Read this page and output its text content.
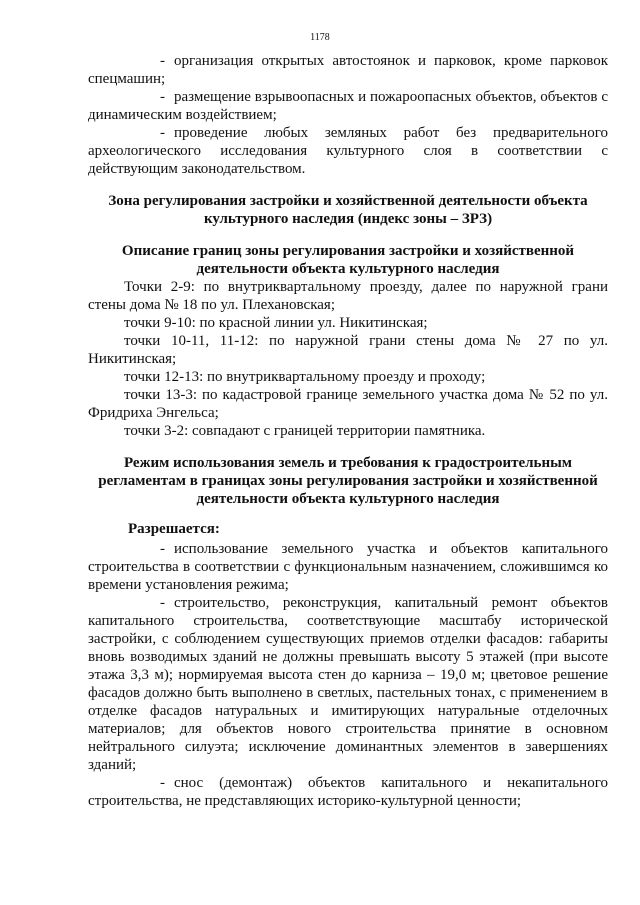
1178

- организация открытых автостоянок и парковок, кроме парковок спецмашин;

- размещение взрывоопасных и пожароопасных объектов, объектов с динамическим воздействием;

- проведение любых земляных работ без предварительного археологического исследования культурного слоя в соответствии с действующим законодательством.

Зона регулирования застройки и хозяйственной деятельности объекта культурного наследия (индекс зоны – ЗРЗ)

Описание границ зоны регулирования застройки и хозяйственной деятельности объекта культурного наследия

Точки 2-9: по внутриквартальному проезду, далее по наружной грани стены дома № 18 по ул. Плехановская;

точки 9-10: по красной линии ул. Никитинская;

точки 10-11, 11-12: по наружной грани стены дома № 27 по ул. Никитинская;

точки 12-13: по внутриквартальному проезду и проходу;

точки 13-3: по кадастровой границе земельного участка дома № 52 по ул. Фридриха Энгельса;

точки 3-2: совпадают с границей территории памятника.

Режим использования земель и требования к градостроительным регламентам в границах зоны регулирования застройки и хозяйственной деятельности объекта культурного наследия

Разрешается:

- использование земельного участка и объектов капитального строительства в соответствии с функциональным назначением, сложившимся ко времени установления режима;

- строительство, реконструкция, капитальный ремонт объектов капитального строительства, соответствующие масштабу исторической застройки, с соблюдением существующих приемов отделки фасадов: габариты вновь возводимых зданий не должны превышать высоту 5 этажей (при высоте этажа 3,3 м); нормируемая высота стен до карниза – 19,0 м; цветовое решение фасадов должно быть выполнено в светлых, пастельных тонах, с применением в отделке фасадов натуральных и имитирующих натуральные отделочных материалов; для объектов нового строительства принятие в основном нейтрального силуэта; исключение доминантных элементов в завершениях зданий;

- снос (демонтаж) объектов капитального и некапитального строительства, не представляющих историко-культурной ценности;
